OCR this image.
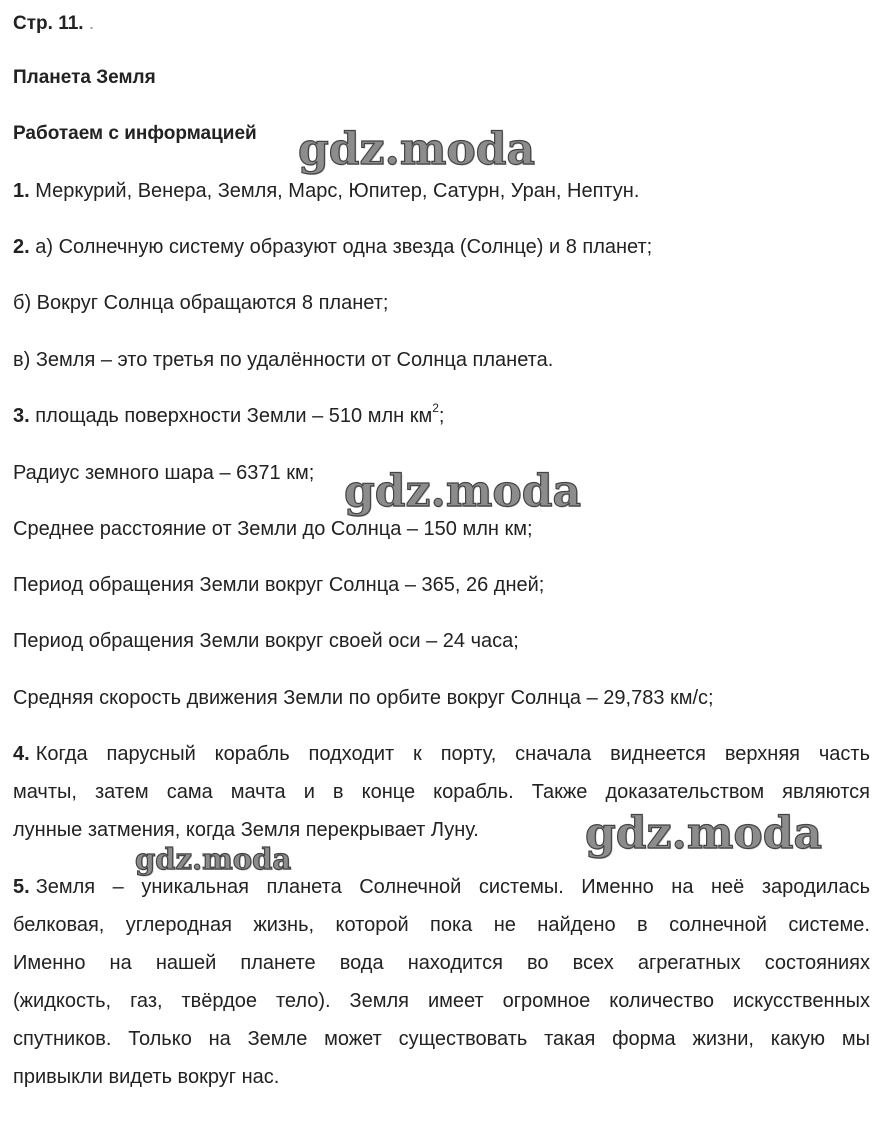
Стр. 11. .

Планета Земля

Работаем с информацией

1. Меркурий, Венера, Земля, Марс, Юпитер, Сатурн, Уран, Нептун.

2. а) Солнечную систему образуют одна звезда (Солнце) и 8 планет;

б) Вокруг Солнца обращаются 8 планет;

в) Земля – это третья по удалённости от Солнца планета.

3. площадь поверхности Земли – 510 млн $км^2$;

Радиус земного шара – 6371 км;

Среднее расстояние от Земли до Солнца – 150 млн км;

Период обращения Земли вокруг Солнца – 365, 26 дней;

Период обращения Земли вокруг своей оси – 24 часа;

Средняя скорость движения Земли по орбите вокруг Солнца – 29,783 км/с;

4. Когда парусный корабль подходит к порту, сначала виднеется верхняя часть
мачты, затем сама мачта и в конце корабль. Также доказательством являются

лунные затмения, когда Земля перекрывает Луну.

5. Земля – уникальная планета Солнечной системы. Именно на неё зародилась
белковая, углеродная жизнь, которой пока не найдено в солнечной системе.
Именно на нашей планете вода находится во всех агрегатных состояниях
(жидкость, газ, твёрдое тело). Земля имеет огромное количество искусственных
спутников. Только на Земле может существовать такая форма жизни, какую мы

привыкли видеть вокруг нас.

gdz.moda
gdz.moda
gdz.moda
gdz.moda
